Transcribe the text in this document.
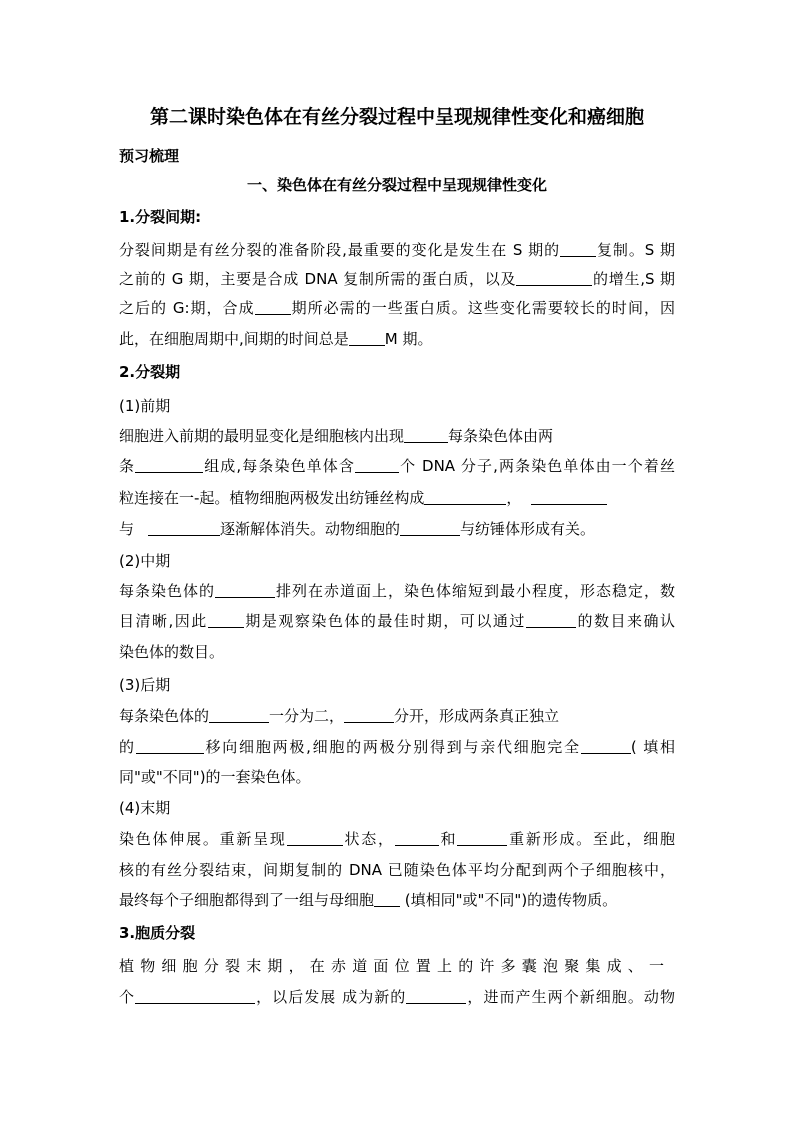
第二课时染色体在有丝分裂过程中呈现规律性变化和癌细胞
预习梳理
一、染色体在有丝分裂过程中呈现规律性变化
1.分裂间期:
分裂间期是有丝分裂的准备阶段,最重要的变化是发生在 S 期的 复制。S 期
之前的 G 期，主要是合成 DNA 复制所需的蛋白质，以及	的增生,S 期
之后的 G:期，合成 期所必需的一些蛋白质。这些变化需要较长的时间，因
此，在细胞周期中,间期的时间总是 M 期。
2.分裂期
(1)前期
细胞进入前期的最明显变化是细胞核内出现	每条染色体由两
条	组成,每条染色单体含	个 DNA 分子,两条染色单体由一个着丝
粒连接在一-起。植物细胞两极发出纺锤丝构成	，
与	逐渐解体消失。动物细胞的	与纺锤体形成有关。
(2)中期
每条染色体的	排列在赤道面上，染色体缩短到最小程度，形态稳定，数
目清晰,因此 期是观察染色体的最佳时期，可以通过	的数目来确认
染色体的数目。
(3)后期
每条染色体的	一分为二，	分开，形成两条真正独立
的	移向细胞两极,细胞的两极分别得到与亲代细胞完全	( 填相
同"或"不同")的一套染色体。
(4)末期
染色体伸展。重新呈现	状态，	和	重新形成。至此，细胞
核的有丝分裂结束，间期复制的 DNA 已随染色体平均分配到两个子细胞核中，
最终每个子细胞都得到了一组与母细胞 (填相同"或"不同")的遗传物质。
3.胞质分裂
植物细胞分裂末期，在赤道面位置上的许多囊泡聚集成、一
个	，以后发展 成为新的	，进而产生两个新细胞。动物
